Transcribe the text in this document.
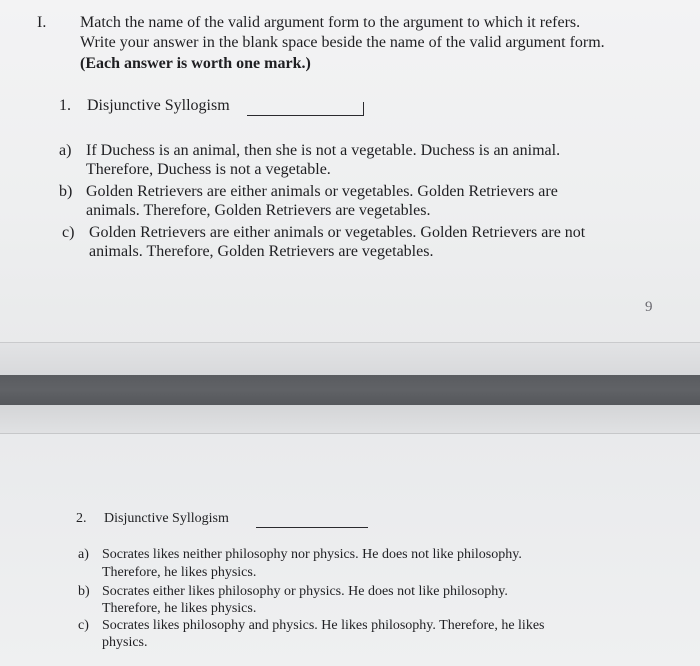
I. Match the name of the valid argument form to the argument to which it refers.
Write your answer in the blank space beside the name of the valid argument form.
(Each answer is worth one mark.)
1. Disjunctive Syllogism
a) If Duchess is an animal, then she is not a vegetable. Duchess is an animal.
Therefore, Duchess is not a vegetable.
b) Golden Retrievers are either animals or vegetables. Golden Retrievers are
animals. Therefore, Golden Retrievers are vegetables.
c) Golden Retrievers are either animals or vegetables. Golden Retrievers are not
animals. Therefore, Golden Retrievers are vegetables.
9
2. Disjunctive Syllogism
a) Socrates likes neither philosophy nor physics. He does not like philosophy.
Therefore, he likes physics.
b) Socrates either likes philosophy or physics. He does not like philosophy.
Therefore, he likes physics.
c) Socrates likes philosophy and physics. He likes philosophy. Therefore, he likes
physics.
